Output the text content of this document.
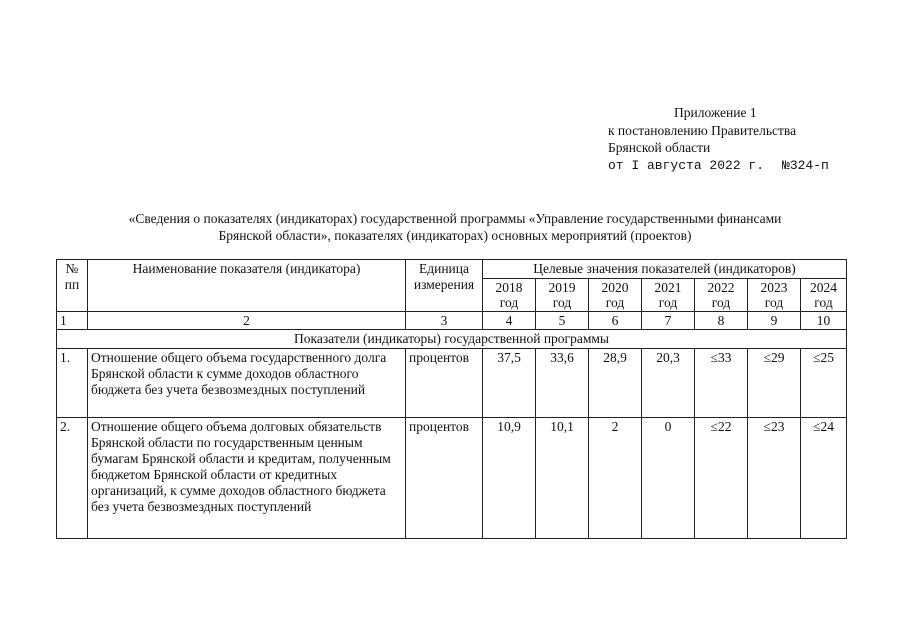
Приложение 1
к постановлению Правительства
Брянской области
от I августа 2022 г. №324-п
«Сведения о показателях (индикаторах) государственной программы «Управление государственными финансами
Брянской области», показателях (индикаторах) основных мероприятий (проектов)
№ пп	Наименование показателя (индикатора)	Единица измерения	Целевые значения показателей (индикаторов)						
			2018 год	2019 год	2020 год	2021 год	2022 год	2023 год	2024 год
1	2	3	4	5	6	7	8	9	10
Показатели (индикаторы) государственной программы									
1.	Отношение общего объема государственного долга Брянской области к сумме доходов областного бюджета без учета безвозмездных поступлений	процентов	37,5	33,6	28,9	20,3	≤33	≤29	≤25
2.	Отношение общего объема долговых обязательств Брянской области по государственным ценным бумагам Брянской области и кредитам, полученным бюджетом Брянской области от кредитных организаций, к сумме доходов областного бюджета без учета безвозмездных поступлений	процентов	10,9	10,1	2	0	≤22	≤23	≤24
